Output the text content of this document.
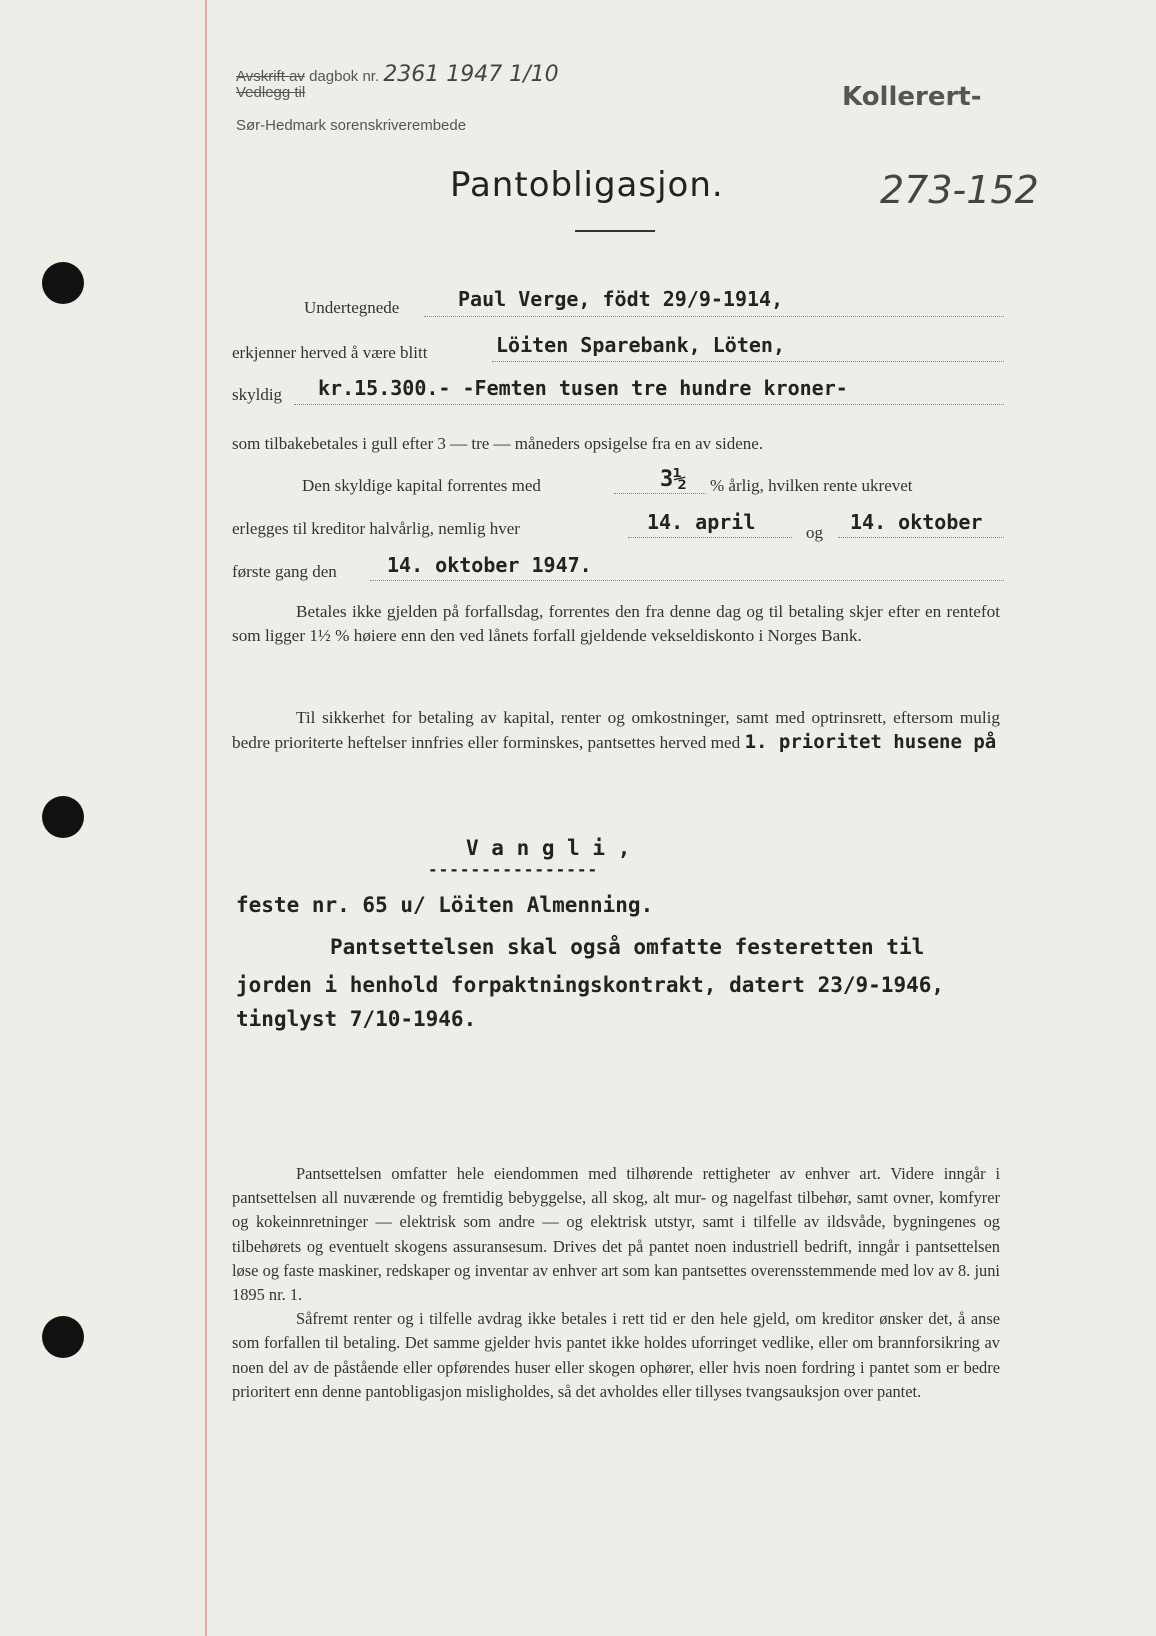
Avskrift av dagbok nr. 2361 1947 1/10
Vedlegg til
Sør-Hedmark sorenskriverembede
Kollerert-
273-152
Pantobligasjon.
Undertegnede	Paul Verge, födt 29/9-1914,
erkjenner herved å være blitt	Löiten Sparebank, Löten,
skyldig kr.15.300.- -Femten tusen tre hundre kroner-
som tilbakebetales i gull efter 3 — tre — måneders opsigelse fra en av sidene.
Den skyldige kapital forrentes med	3½ % årlig, hvilken rente ukrevet
erlegges til kreditor halvårlig, nemlig hver	14. april	og 14. oktober
første gang den	14. oktober 1947.

Betales ikke gjelden på forfallsdag, forrentes den fra denne dag og til betaling skjer efter en rentefot som ligger 1½ % høiere enn den ved lånets forfall gjeldende vekseldiskonto i Norges Bank.

Til sikkerhet for betaling av kapital, renter og omkostninger, samt med optrinsrett, eftersom mulig bedre prioriterte heftelser innfries eller forminskes, pantsettes herved med 1. prioritet husene på

V a n g l i ,
----------------
feste nr. 65 u/ Löiten Almenning.
Pantsettelsen skal også omfatte festeretten til
jorden i henhold forpaktningskontrakt, datert 23/9-1946,
tinglyst 7/10-1946.

Pantsettelsen omfatter hele eiendommen med tilhørende rettigheter av enhver art. Videre inngår i pantsettelsen all nuværende og fremtidig bebyggelse, all skog, alt mur- og nagelfast tilbehør, samt ovner, komfyrer og kokeinnretninger — elektrisk som andre — og elektrisk utstyr, samt i tilfelle av ildsvåde, bygningenes og tilbehørets og eventuelt skogens assuransesum. Drives det på pantet noen industriell bedrift, inngår i pantsettelsen løse og faste maskiner, redskaper og inventar av enhver art som kan pantsettes overensstemmende med lov av 8. juni 1895 nr. 1.

Såfremt renter og i tilfelle avdrag ikke betales i rett tid er den hele gjeld, om kreditor ønsker det, å anse som forfallen til betaling. Det samme gjelder hvis pantet ikke holdes uforringet vedlike, eller om brannforsikring av noen del av de påstående eller opførendes huser eller skogen ophører, eller hvis noen fordring i pantet som er bedre prioritert enn denne pantobligasjon misligholdes, så det avholdes eller tillyses tvangsauksjon over pantet.
